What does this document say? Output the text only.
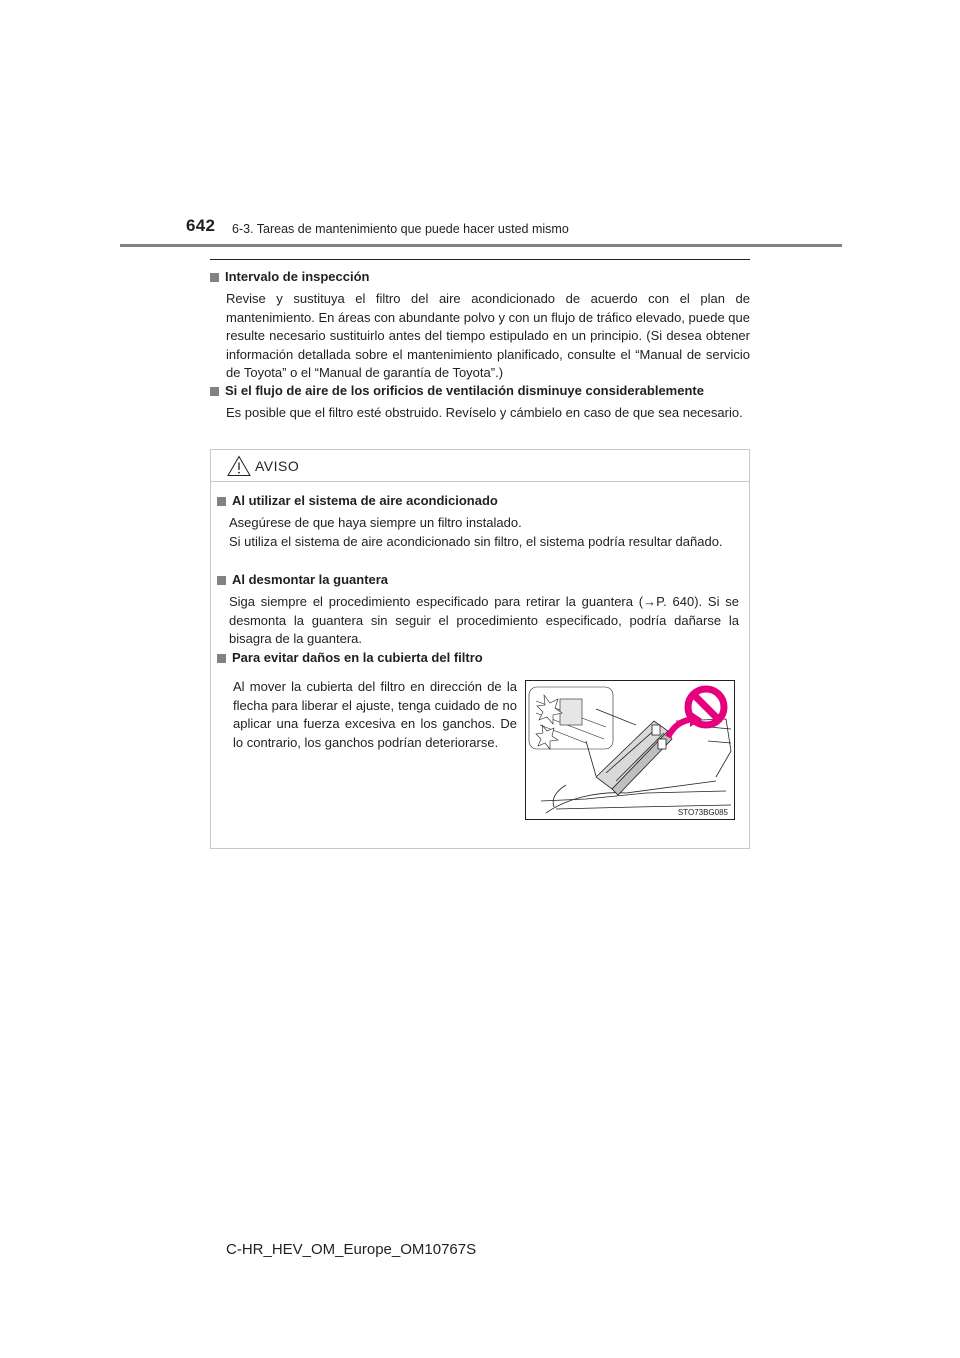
642 6-3. Tareas de mantenimiento que puede hacer usted mismo
Intervalo de inspección
Revise y sustituya el filtro del aire acondicionado de acuerdo con el plan de mantenimiento. En áreas con abundante polvo y con un flujo de tráfico elevado, puede que resulte necesario sustituirlo antes del tiempo estipulado en un principio. (Si desea obtener información detallada sobre el mantenimiento planificado, consulte el “Manual de servicio de Toyota” o el “Manual de garantía de Toyota”.)
Si el flujo de aire de los orificios de ventilación disminuye considerablemente
Es posible que el filtro esté obstruido. Revíselo y cámbielo en caso de que sea necesario.
AVISO
Al utilizar el sistema de aire acondicionado
Asegúrese de que haya siempre un filtro instalado.
Si utiliza el sistema de aire acondicionado sin filtro, el sistema podría resultar dañado.
Al desmontar la guantera
Siga siempre el procedimiento especificado para retirar la guantera (→P. 640). Si se desmonta la guantera sin seguir el procedimiento especificado, podría dañarse la bisagra de la guantera.
Para evitar daños en la cubierta del filtro
Al mover la cubierta del filtro en dirección de la flecha para liberar el ajuste, tenga cuidado de no aplicar una fuerza excesiva en los ganchos. De lo contrario, los ganchos podrían deteriorarse.
STO73BG085
C-HR_HEV_OM_Europe_OM10767S
